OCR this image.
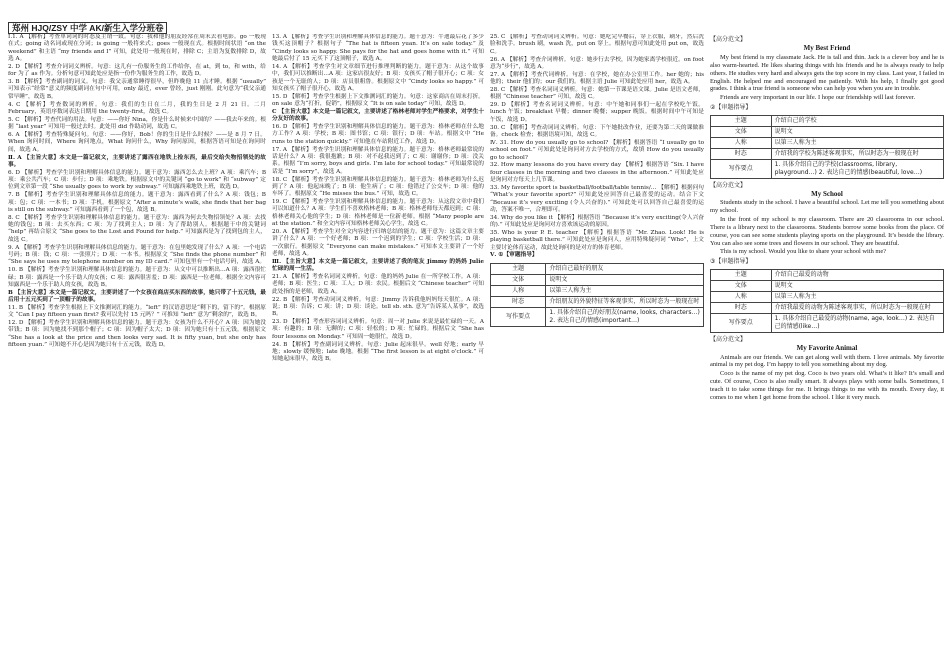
郑州 HJQ/ZSY 中学 AK/新生入学分班卷

Ⅰ.1. A 【解析】考查单词词的时态及主谓一致。句意：我和他的朋友经常在周末去看电影。go 一般现在式；going 动名词或现在分词；is going 一般将来式；goes 一般现在式。根据时间状语 “on the weekend” 和主语 “my friends and I” 可知，此处用一般现在时，排除 C；主语为复数排除 D，故选 A。

2. D 【解析】考查介词词义辨析。句意：这儿有一份服务生的工作给你，在 at，到 to，和 with，给 for 为了 as 作为。分析句意可知此处应是指一份作为服务生的工作，故选 D。

3. B 【解析】考查副词的词义。句意：我父亲通常睡得很早，但昨晚他 11 点才睡。根据 “usually” 可知表示“经常”意义的频度副词在句中可用，only 最近，ever 曾经，just 刚刚。此句意为“我父亲通常早睡”，故选 B。

4. C 【解析】考查数词的辨析。句意：我们的生日在二月，我的生日是 2 月 21 日。二月 February，英语序数词表达日期用 the twenty-first，故选 C。

5. C 【解析】考查代词的用法。句意：——你好 Nina，你是什么时候来中国的？——我去年来的。根据 “last year” 可知用一般过去时。此处用 did 作助动词，故选 C。

6. A 【解析】考查特殊疑问句。句意：——你好，Bob！你的生日是什么时候？——是 8 月 7 日。When 询问时间，Where 询问地点，What 询问什么，Why 询问原因，根据答语可知是在询问时间，故选 A。

Ⅱ. A 【主旨大意】本文是一篇记叙文，主要讲述了露西在地铁上捡东西，最后交给失物招领处的故事。

6. D 【解析】考查学生识别和理解具体信息的能力。题干意为：露西怎么去上班？A 项：乘汽车；B 项：乘公共汽车；C 项：步行；D 项：乘地铁。根据原文中的关键词 “go to work” 和 “subway” 定位到文章第一段 “She usually goes to work by subway.” 可知露西乘地铁上班，故选 D。

7. B 【解析】考查学生识别和理解具体信息的能力。题干意为：露西看到了什么？A 项：钱包；B 项：包；C 项：一本书；D 项：手机。根据原文 “After a minute’s walk, she finds that her bag is still on the subway.” 可知露西看到了一个包，故选 B。

8. C 【解析】考查学生识别和理解具体信息的能力。题干意为：露西为何去失物招领处？A 项：去找她的钱包；B 项：去买东西；C 项：为了找到主人；D 项：为了帮助别人。根据题干中的关键词 “help” 再结合原文 “She goes to the Lost and Found for help.” 可知露西是为了找到包的主人，故选 C。

9. A 【解析】考查学生识别和理解具体信息的能力。题干意为：在包里她发现了什么？A 项：一个电话号码；B 项：钱；C 项：一张照片；D 项：一本书。根据原文 “She finds the phone number” 和 “She says he uses my telephone number on my ID card.” 可知包里有一个电话号码，故选 A。

10. B 【解析】考查学生识别和理解具体信息的能力。题干意为：从文中可以推断出…A 项：露西很忙碌；B 项：露西是一个乐于助人的女孩；C 项：露西很害羞；D 项：露西是一位老师。根据全文内容可知露西是一个乐于助人的女孩，故选 B。

B 【主旨大意】本文是一篇记叙文，主要讲述了一个女孩在商店买东西的故事，她只带了十五元钱，最后用十五元买到了一顶帽子的故事。

11. B 【解析】考查学生根据上下文推测词汇的能力。“left” 的汉语意思是“剩下的，留下的”。根据原文 “Can I pay fifteen yuan first? 我可以先付 15 元吗？” 可推知 “left” 意为“剩余的”，故选 B。

12. D 【解析】考查学生识别和理解具体信息的能力。题干意为：女孩为什么不开心？A 项：因为她没带钱；B 项：因为她找不到那个帽子；C 项：因为帽子太大；D 项：因为她只有十五元钱。根据原文 “She has a look at the price and then looks very sad. It is fifty yuan, but she only has fifteen yuan.” 可知她不开心是因为她只有十五元钱，故选 D。

13. A 【解析】考查学生识别和理解具体信息的能力。题干意为：牛迪最后花了多少钱买这顶帽子？根据句子 “The hat is fifteen yuan. It’s on sale today.” 及 “Cindy looks so happy. She pays for the hat and goes home with it.” 可知她最后付了 15 元买下了这顶帽子，故选 A。

14. A 【解析】考查学生对文章细节进行推理判断的能力。题干意为：从这个故事中，我们可以推断出…A 项：这家店很友好；B 项：女孩买了帽子很开心；C 项：女孩是一个无耻的人；D 项：店员很粗鲁。根据原文中 “Cindy looks so happy.” 可知女孩买了帽子很开心，故选 A。

15. D 【解析】考查学生根据上下文推测词汇的能力。句意：这家商店在周末打折。on sale 意为“打折，促销”，根据原文 “It is on sale today” 可知，故选 D。

C 【主旨大意】本文是一篇记叙文，主要讲述了格林老师对学生严格要求，对学生十分友好的故事。

16. D 【解析】考查学生识别和理解具体信息的能力。题干意为：格林老师在什么地方工作？A 项：学校；B 项：图书馆；C 项：银行；D 项：车站。根据文中 “He runs to the station quickly.” 可知他在车站附近工作，故选 D。

17. A 【解析】考查学生识别和理解具体信息的能力。题干意为：格林老师最常说的话是什么？A 项：我很抱歉；B 项：对不起我迟到了；C 项：谢谢你；D 项：没关系。根据 “I’m sorry, boys and girls. I’m late for school today.” 可知最常说的话是 “I’m sorry”，故选 A。

18. C 【解析】考查学生识别和理解具体信息的能力。题干意为：格林老师为什么迟到了？A 项：他起床晚了；B 项：他生病了；C 项：他错过了公交车；D 项：他的车坏了。根据原文 “He misses the bus.” 可知，故选 C。

19. C 【解析】考查学生识别和理解具体信息的能力。题干意为：从这段文章中我们可以知道什么？A 项：学生们不喜欢格林老师；B 项：格林老师每天都迟到；C 项：格林老师关心他的学生；D 项：格林老师是一位新老师。根据 “Many people are at the station.” 和全文内容可知格林老师关心学生，故选 C。

20. A 【解析】考查学生对全文内容进行归纳总结的能力。题干意为：这篇文章主要讲了什么？A 项：一个好老师；B 项：一个迟到的学生；C 项：学校生活；D 项：一次旅行。根据原文 “Everyone can make mistakes.” 可知本文主要讲了一个好老师，故选 A。

Ⅲ. 【主旨大意】本文是一篇记叙文，主要讲述了我的笔友 Jimmy 的妈妈 Julie 忙碌的周一生活。

21. A 【解析】考查名词词义辨析。句意：他的妈妈 Julie 在一所学校工作。A 项：老师；B 项：医生；C 项：工人；D 项：农民。根据后文 “Chinese teacher” 可知此处指的是老师，故选 A。

22. B 【解析】考查动词词义辨析。句意：Jimmy 告诉我他妈妈每天很忙。A 项：说；B 项：告诉；C 项：讲；D 项：谈论。tell sb. sth. 意为“告诉某人某事”，故选 B。

23. D 【解析】考查形容词词义辨析。句意：周一对 Julie 来说是最忙碌的一天。A 项：有趣的；B 项：无聊的；C 项：轻松的；D 项：忙碌的。根据后文 “She has four lessons on Monday.” 可知周一她很忙，故选 D。

24. B 【解析】考查副词词义辨析。句意：Julie 起床很早。well 好地；early 早地；slowly 缓慢地；late 晚地。根据 “The first lesson is at eight o’clock.” 可知她起床很早，故选 B。

25. C 【解析】考查动词词义辨析。句意：她吃完早餐后，穿上衣服，刷牙，然后洗脸和洗手。brush 刷，wash 洗，put on 穿上。根据句意可知此处用 put on，故选 C。

26. A 【解析】考查介词辨析。句意：她步行去学校，因为她家离学校很近。on foot 意为“步行”，故选 A。

27. A 【解析】考查代词辨析。句意：在学校，她在办公室里工作。her 她的；his 他的；their 他们的；our 我们的。根据主语 Julie 可知此处应用 her，故选 A。

28. C 【解析】考查名词词义辨析。句意：她第一节课是语文课。Julie 是语文老师，根据 “Chinese teacher” 可知，故选 C。

29. D 【解析】考查名词词义辨析。句意：中午她和同事们一起在学校吃午饭。lunch 午饭；breakfast 早餐；dinner 晚餐；supper 晚饭。根据时间中午可知是午饭，故选 D。

30. C 【解析】考查动词词义辨析。句意：下午她批改作业，还要为第二天的课做准备。check 检查；根据语境可知，故选 C。

Ⅳ. 31. How do you usually go to school? 【解析】根据答语 “I usually go to school on foot.” 可知此处是询问对方去学校的方式，故填 How do you usually go to school?

32. How many lessons do you have every day 【解析】根据答语 “Six. I have four classes in the morning and two classes in the afternoon.” 可知此处应是询问对方每天上几节课。

33. My favorite sport is basketball/football/table tennis/… 【解析】根据问句 “What’s your favorite sport?” 可知此处应回答自己最喜爱的运动。结合下文 “Because it’s very exciting (令人兴奋的).” 可知此处可以回答自己最喜爱的运动，答案不唯一，合理即可。

34. Why do you like it 【解析】根据答语 “Because it’s very exciting(令人兴奋的).” 可知此处应是询问对方喜欢该运动的原因。

35. Who is your P. E. teacher 【解析】根据答语 “Mr. Zhao. Look! He is playing basketball there.” 可知此处应是询问人，应用特殊疑问词 “Who”，上文主要讨论体育运动，故此处询问的是对方的体育老师。

Ⅴ. ①【审题指导】

主题	介绍自己最好的朋友
文体	说明文
人称	以第三人称为主
时态	介绍朋友的外貌特征等客观事实，所以时态为一般现在时
写作要点	1. 具体介绍自己的好朋友(name, looks, characters…) 2. 表达自己的情感(important…)
【高分范文】
My Best Friend

My best friend is my classmate Jack. He is tall and thin. Jack is a clever boy and he is also warm-hearted. He likes sharing things with his friends and he is always ready to help others. He studies very hard and always gets the top score in my class. Last year, I failed in English. He helped me and encouraged me patiently. With his help, I finally got good grades. I think a true friend is someone who can help you when you are in trouble.

Friends are very important in our life. I hope our friendship will last forever.

②【审题指导】
主题	介绍自己的学校
文体	说明文
人称	以第三人称为主
时态	介绍我的学校为陈述客观事实，所以时态为一般现在时
写作要点	1. 具体介绍自己的学校(classrooms, library, playground…) 2. 表达自己的情感(beautiful, love…)
【高分范文】
My School

Students study in the school. I have a beautiful school. Let me tell you something about my school.

In the front of my school is my classroom. There are 20 classrooms in our school. There is a library next to the classrooms. Students borrow some books from the place. Of course, you can see some students playing sports on the playground. It’s beside the library. You can also see some trees and flowers in our school. They are beautiful.

This is my school. Would you like to share your school with me?

③【审题指导】
主题	介绍自己最爱的动物
文体	说明文
人称	以第三人称为主
时态	介绍我最爱的动物为陈述客观事实，所以时态为一般现在时
写作要点	1. 具体介绍自己最爱的动物(name, age, look…) 2. 表达自己的情感(like…)
【高分范文】
My Favorite Animal

Animals are our friends. We can get along well with them. I love animals. My favorite animal is my pet dog. I’m happy to tell you something about my dog.

Coco is the name of my pet dog. Coco is two years old. What’s it like? It’s small and cute. Of course, Coco is also really smart. It always plays with some balls. Sometimes, I teach it to take some things for me. It brings things to me with its mouth. Every day, it comes to me when I get home from the school. I like it very much.
